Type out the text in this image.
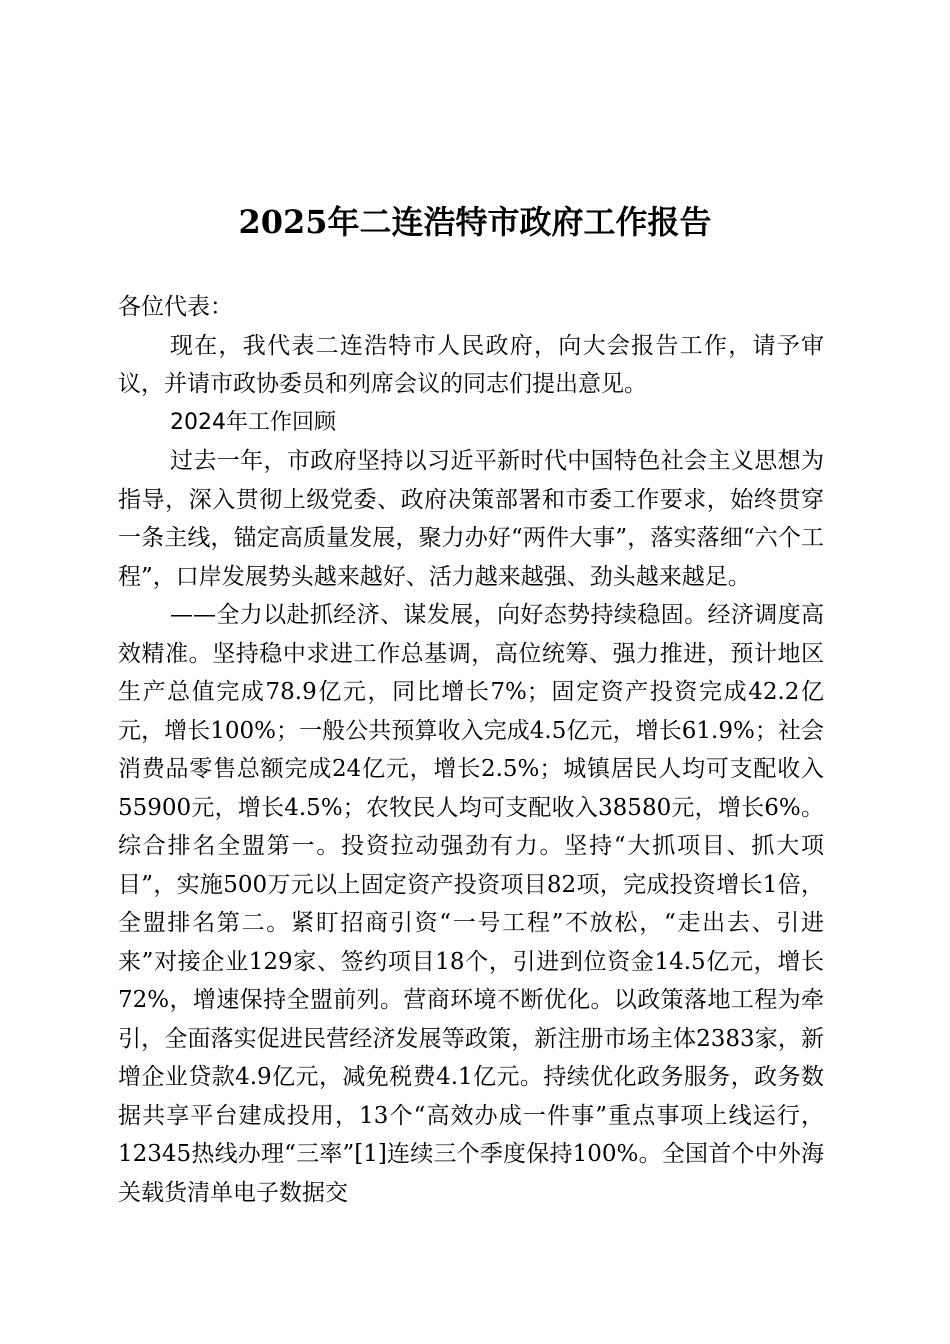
2025年二连浩特市政府工作报告

各位代表：

现在，我代表二连浩特市人民政府，向大会报告工作，请予审议，并请市政协委员和列席会议的同志们提出意见。

2024年工作回顾

过去一年，市政府坚持以习近平新时代中国特色社会主义思想为指导，深入贯彻上级党委、政府决策部署和市委工作要求，始终贯穿一条主线，锚定高质量发展，聚力办好“两件大事”，落实落细“六个工程”，口岸发展势头越来越好、活力越来越强、劲头越来越足。

——全力以赴抓经济、谋发展，向好态势持续稳固。经济调度高效精准。坚持稳中求进工作总基调，高位统筹、强力推进，预计地区生产总值完成78.9亿元，同比增长7%；固定资产投资完成42.2亿元，增长100%；一般公共预算收入完成4.5亿元，增长61.9%；社会消费品零售总额完成24亿元，增长2.5%；城镇居民人均可支配收入55900元，增长4.5%；农牧民人均可支配收入38580元，增长6%。综合排名全盟第一。投资拉动强劲有力。坚持“大抓项目、抓大项目”，实施500万元以上固定资产投资项目82项，完成投资增长1倍，全盟排名第二。紧盯招商引资“一号工程”不放松，“走出去、引进来”对接企业129家、签约项目18个，引进到位资金14.5亿元，增长72%，增速保持全盟前列。营商环境不断优化。以政策落地工程为牵引，全面落实促进民营经济发展等政策，新注册市场主体2383家，新增企业贷款4.9亿元，减免税费4.1亿元。持续优化政务服务，政务数据共享平台建成投用，13个“高效办成一件事”重点事项上线运行，12345热线办理“三率”[1]连续三个季度保持100%。全国首个中外海关载货清单电子数据交
